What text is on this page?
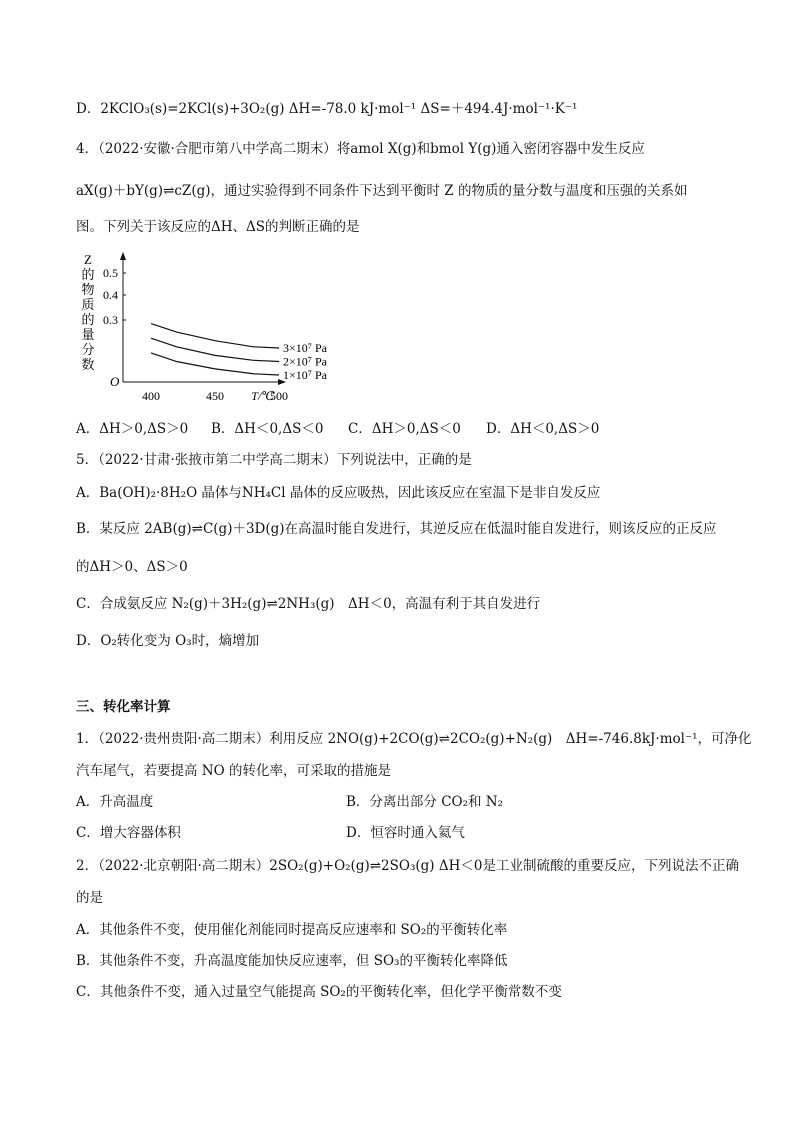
D．2KClO₃(s)=2KCl(s)+3O₂(g) ΔH=-78.0 kJ·mol⁻¹ ΔS=＋494.4J·mol⁻¹·K⁻¹
4．（2022·安徽·合肥市第八中学高二期末）将amol X(g)和bmol Y(g)通入密闭容器中发生反应
aX(g)＋bY(g)⇌cZ(g)，通过实验得到不同条件下达到平衡时 Z 的物质的量分数与温度和压强的关系如
图。下列关于该反应的ΔH、ΔS的判断正确的是
O
Z
的
物
质
的
量
分
数
0.5
0.4
0.3
400	450	500
T/℃
3×10⁷ Pa
2×10⁷ Pa
1×10⁷ Pa
A．ΔH＞0,ΔS＞0 B．ΔH＜0,ΔS＜0 C．ΔH＞0,ΔS＜0 D．ΔH＜0,ΔS＞0
5．（2022·甘肃·张掖市第二中学高二期末）下列说法中，正确的是
A．Ba(OH)₂·8H₂O 晶体与NH₄Cl 晶体的反应吸热，因此该反应在室温下是非自发反应
B．某反应 2AB(g)⇌C(g)＋3D(g)在高温时能自发进行，其逆反应在低温时能自发进行，则该反应的正反应
的ΔH＞0、ΔS＞0
C．合成氨反应 N₂(g)＋3H₂(g)⇌2NH₃(g)　ΔH＜0，高温有利于其自发进行
D．O₂转化变为 O₃时，熵增加
三、转化率计算
1．（2022·贵州贵阳·高二期末）利用反应 2NO(g)+2CO(g)⇌2CO₂(g)+N₂(g)　ΔH=-746.8kJ·mol⁻¹，可净化
汽车尾气，若要提高 NO 的转化率，可采取的措施是
A．升高温度	B．分离出部分 CO₂和 N₂
C．增大容器体积	D．恒容时通入氦气
2．（2022·北京朝阳·高二期末）2SO₂(g)+O₂(g)⇌2SO₃(g) ΔH＜0是工业制硫酸的重要反应，下列说法不正确
的是
A．其他条件不变，使用催化剂能同时提高反应速率和 SO₂的平衡转化率
B．其他条件不变，升高温度能加快反应速率，但 SO₃的平衡转化率降低
C．其他条件不变，通入过量空气能提高 SO₂的平衡转化率，但化学平衡常数不变
